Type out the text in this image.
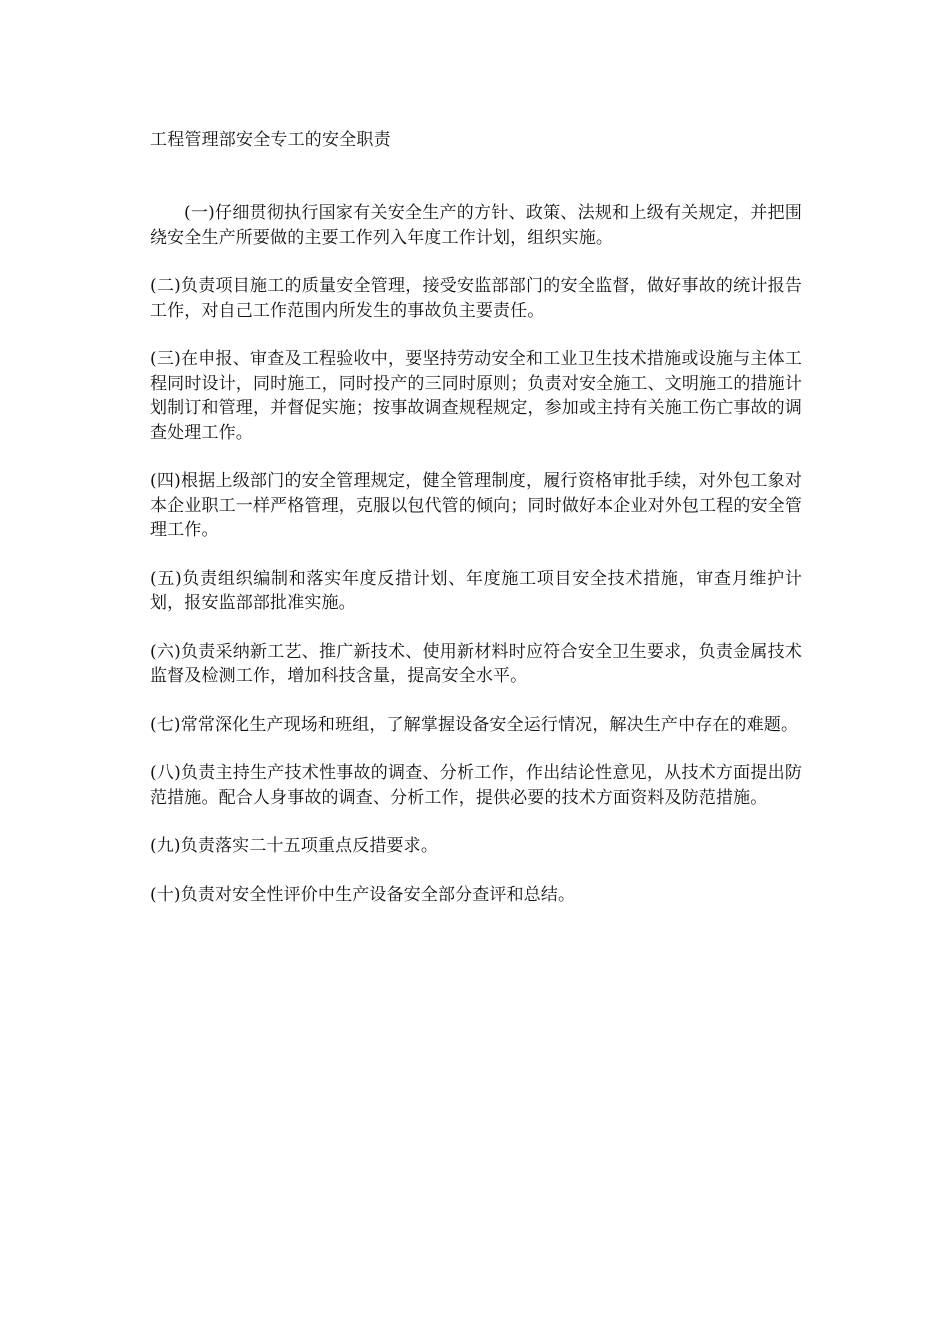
工程管理部安全专工的安全职责

(一)仔细贯彻执行国家有关安全生产的方针、政策、法规和上级有关规定，并把围绕安全生产所要做的主要工作列入年度工作计划，组织实施。

(二)负责项目施工的质量安全管理，接受安监部部门的安全监督，做好事故的统计报告工作，对自己工作范围内所发生的事故负主要责任。

(三)在申报、审查及工程验收中，要坚持劳动安全和工业卫生技术措施或设施与主体工程同时设计，同时施工，同时投产的三同时原则；负责对安全施工、文明施工的措施计划制订和管理，并督促实施；按事故调查规程规定，参加或主持有关施工伤亡事故的调查处理工作。

(四)根据上级部门的安全管理规定，健全管理制度，履行资格审批手续，对外包工象对本企业职工一样严格管理，克服以包代管的倾向；同时做好本企业对外包工程的安全管理工作。

(五)负责组织编制和落实年度反措计划、年度施工项目安全技术措施，审查月维护计划，报安监部部批准实施。

(六)负责采纳新工艺、推广新技术、使用新材料时应符合安全卫生要求，负责金属技术监督及检测工作，增加科技含量，提高安全水平。

(七)常常深化生产现场和班组，了解掌握设备安全运行情况，解决生产中存在的难题。

(八)负责主持生产技术性事故的调查、分析工作，作出结论性意见，从技术方面提出防范措施。配合人身事故的调查、分析工作，提供必要的技术方面资料及防范措施。

(九)负责落实二十五项重点反措要求。

(十)负责对安全性评价中生产设备安全部分查评和总结。
